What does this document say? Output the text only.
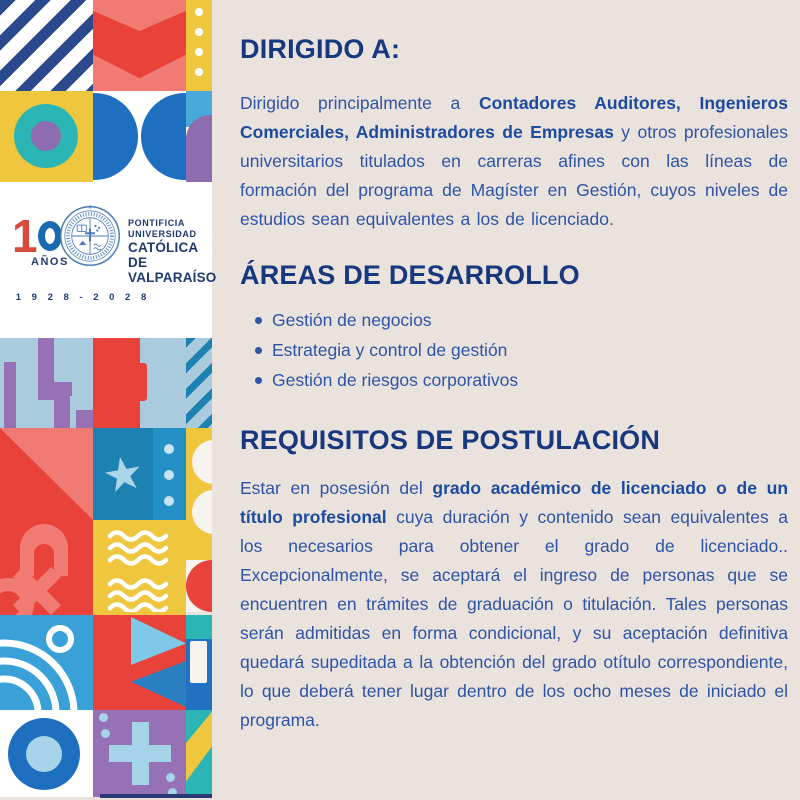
1
AÑOS
PONTIFICIA
UNIVERSIDAD
CATÓLICA DE
VALPARAÍSO
1 9 2 8 - 2 0 2 8
★
DIRIGIDO A:

Dirigido principalmente a Contadores Auditores, Ingenieros Comerciales, Administradores de Empresas y otros profesionales universitarios titulados en carreras afines con las líneas de formación del programa de Magíster en Gestión, cuyos niveles de estudios sean equivalentes a los de licenciado.

ÁREAS DE DESARROLLO
Gestión de negocios
Estrategia y control de gestión
Gestión de riesgos corporativos
REQUISITOS DE POSTULACIÓN

Estar en posesión del grado académico de licenciado o de un título profesional cuya duración y contenido sean equivalentes a los necesarios para obtener el grado de licenciado.. Excepcionalmente, se aceptará el ingreso de personas que se encuentren en trámites de graduación o titulación. Tales personas serán admitidas en forma condicional, y su aceptación definitiva quedará supeditada a la obtención del grado otítulo correspondiente, lo que deberá tener lugar dentro de los ocho meses de iniciado el programa.
